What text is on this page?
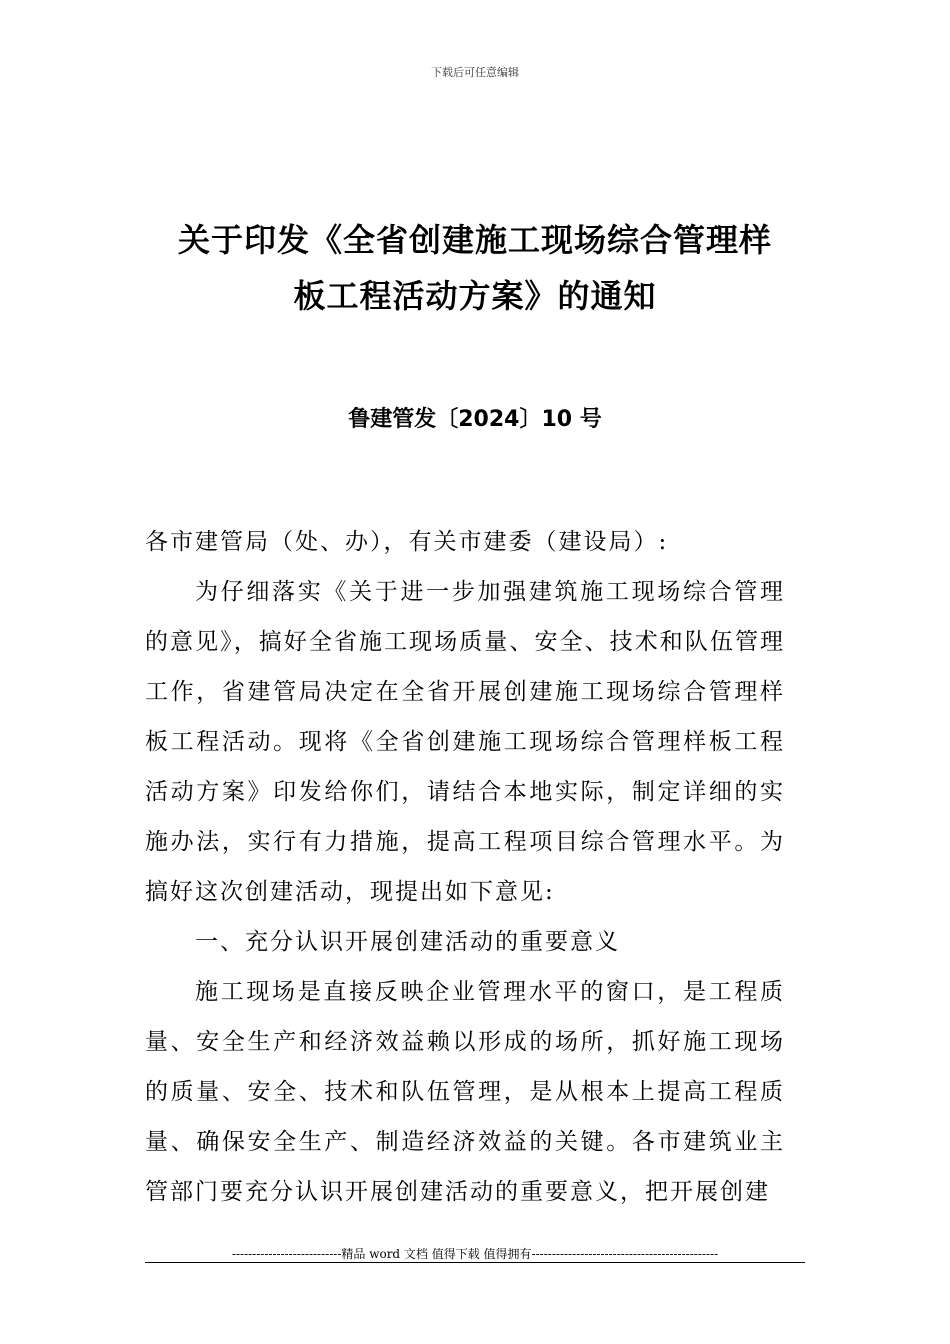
下载后可任意编辑
关于印发《全省创建施工现场综合管理样
板工程活动方案》的通知
鲁建管发〔2024〕10 号

各市建管局（处、办），有关市建委（建设局）:

为仔细落实《关于进一步加强建筑施工现场综合管理的意见》，搞好全省施工现场质量、安全、技术和队伍管理工作，省建管局决定在全省开展创建施工现场综合管理样板工程活动。现将《全省创建施工现场综合管理样板工程活动方案》印发给你们，请结合本地实际，制定详细的实施办法，实行有力措施，提高工程项目综合管理水平。为搞好这次创建活动，现提出如下意见:

一、充分认识开展创建活动的重要意义

施工现场是直接反映企业管理水平的窗口，是工程质量、安全生产和经济效益赖以形成的场所，抓好施工现场的质量、安全、技术和队伍管理，是从根本上提高工程质量、确保安全生产、制造经济效益的关键。各市建筑业主管部门要充分认识开展创建活动的重要意义，把开展创建

---------------------------精品 word 文档 值得下载 值得拥有----------------------------------------------
